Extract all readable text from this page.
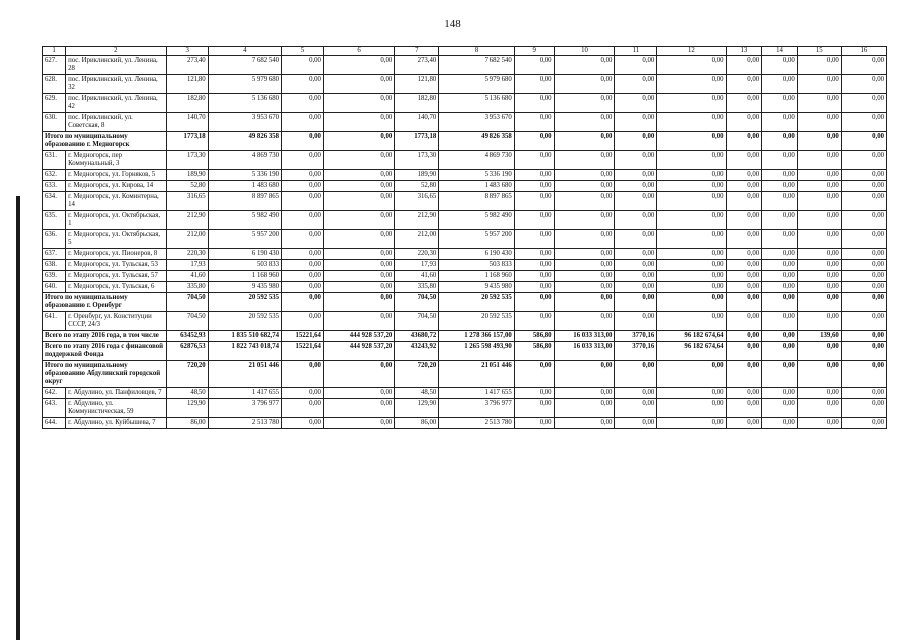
148
1	2	3	4	5	6	7	8	9	10	11	12	13	14	15	16
627.	пос. Ириклинский, ул. Ленина, 28	273,40	7 682 540	0,00	0,00	273,40	7 682 540	0,00	0,00	0,00	0,00	0,00	0,00	0,00	0,00
628.	пос. Ириклинский, ул. Ленина, 32	121,80	5 979 680	0,00	0,00	121,80	5 979 680	0,00	0,00	0,00	0,00	0,00	0,00	0,00	0,00
629.	пос. Ириклинский, ул. Ленина, 42	182,80	5 136 680	0,00	0,00	182,80	5 136 680	0,00	0,00	0,00	0,00	0,00	0,00	0,00	0,00
630.	пос. Ириклинский, ул. Советская, 8	140,70	3 953 670	0,00	0,00	140,70	3 953 670	0,00	0,00	0,00	0,00	0,00	0,00	0,00	0,00
Итого по муниципальному образованию г. Медногорск		1773,18	49 826 358	0,00	0,00	1773,18	49 826 358	0,00	0,00	0,00	0,00	0,00	0,00	0,00	0,00
631.	г. Медногорск, пер Коммунальный, 3	173,30	4 869 730	0,00	0,00	173,30	4 869 730	0,00	0,00	0,00	0,00	0,00	0,00	0,00	0,00
632.	г. Медногорск, ул. Горняков, 5	189,90	5 336 190	0,00	0,00	189,90	5 336 190	0,00	0,00	0,00	0,00	0,00	0,00	0,00	0,00
633.	г. Медногорск, ул. Кирова, 14	52,80	1 483 680	0,00	0,00	52,80	1 483 680	0,00	0,00	0,00	0,00	0,00	0,00	0,00	0,00
634.	г. Медногорск, ул. Коминтерна, 14	316,65	8 897 865	0,00	0,00	316,65	8 897 865	0,00	0,00	0,00	0,00	0,00	0,00	0,00	0,00
635.	г. Медногорск, ул. Октябрьская, 1	212,90	5 982 490	0,00	0,00	212,90	5 982 490	0,00	0,00	0,00	0,00	0,00	0,00	0,00	0,00
636.	г. Медногорск, ул. Октябрьская, 5	212,00	5 957 200	0,00	0,00	212,00	5 957 200	0,00	0,00	0,00	0,00	0,00	0,00	0,00	0,00
637.	г. Медногорск, ул. Пионеров, 8	220,30	6 190 430	0,00	0,00	220,30	6 190 430	0,00	0,00	0,00	0,00	0,00	0,00	0,00	0,00
638.	г. Медногорск, ул. Тульская, 53	17,93	503 833	0,00	0,00	17,93	503 833	0,00	0,00	0,00	0,00	0,00	0,00	0,00	0,00
639.	г. Медногорск, ул. Тульская, 57	41,60	1 168 960	0,00	0,00	41,60	1 168 960	0,00	0,00	0,00	0,00	0,00	0,00	0,00	0,00
640.	г. Медногорск, ул. Тульская, 6	335,80	9 435 980	0,00	0,00	335,80	9 435 980	0,00	0,00	0,00	0,00	0,00	0,00	0,00	0,00
Итого по муниципальному образованию г. Оренбург		704,50	20 592 535	0,00	0,00	704,50	20 592 535	0,00	0,00	0,00	0,00	0,00	0,00	0,00	0,00
641.	г. Оренбург, ул. Конституции СССР, 24/3	704,50	20 592 535	0,00	0,00	704,50	20 592 535	0,00	0,00	0,00	0,00	0,00	0,00	0,00	0,00
Всего по этапу 2016 года, в том числе		63452,93	1 835 510 682,74	15221,64	444 928 537,20	43680,72	1 278 366 157,00	586,80	16 033 313,00	3770,16	96 182 674,64	0,00	0,00	139,60	0,00
Всего по этапу 2016 года с финансовой поддержкой Фонда		62876,53	1 822 743 018,74	15221,64	444 928 537,20	43243,92	1 265 598 493,90	586,80	16 033 313,00	3770,16	96 182 674,64	0,00	0,00	0,00	0,00
Итого по муниципальному образованию Абдулинский городской округ		720,20	21 051 446	0,00	0,00	720,20	21 051 446	0,00	0,00	0,00	0,00	0,00	0,00	0,00	0,00
642.	г. Абдулино, ул. Панфиловцев, 7	48,50	1 417 655	0,00	0,00	48,50	1 417 655	0,00	0,00	0,00	0,00	0,00	0,00	0,00	0,00
643.	г. Абдулино, ул. Коммунистическая, 59	129,90	3 796 977	0,00	0,00	129,90	3 796 977	0,00	0,00	0,00	0,00	0,00	0,00	0,00	0,00
644.	г. Абдулино, ул. Куйбышева, 7	86,00	2 513 780	0,00	0,00	86,00	2 513 780	0,00	0,00	0,00	0,00	0,00	0,00	0,00	0,00
